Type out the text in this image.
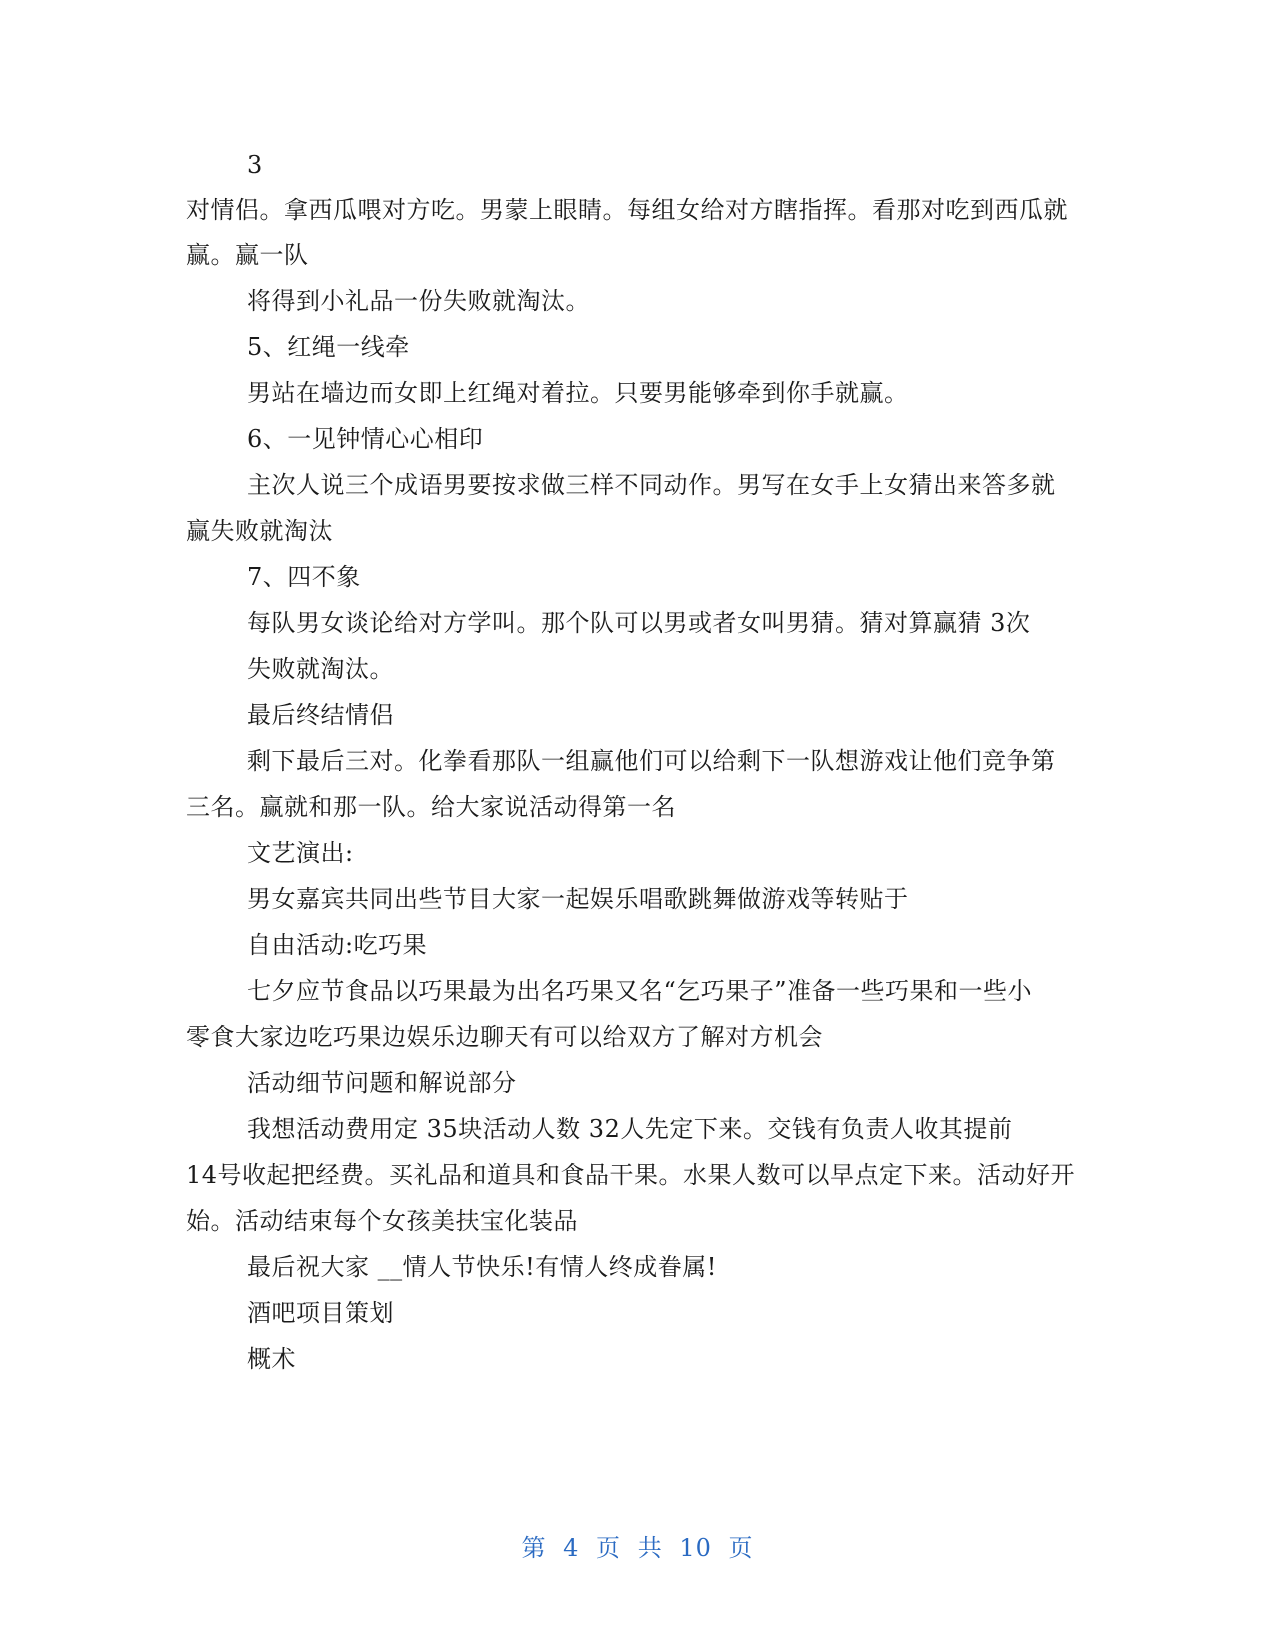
3
对情侣。拿西瓜喂对方吃。男蒙上眼睛。每组女给对方瞎指挥。看那对吃到西瓜就
赢。赢一队
将得到小礼品一份失败就淘汰。
5、红绳一线牵
男站在墙边而女即上红绳对着拉。只要男能够牵到你手就赢。
6、一见钟情心心相印
主次人说三个成语男要按求做三样不同动作。男写在女手上女猜出来答多就
赢失败就淘汰
7、四不象
每队男女谈论给对方学叫。那个队可以男或者女叫男猜。猜对算赢猜 3次
失败就淘汰。
最后终结情侣
剩下最后三对。化拳看那队一组赢他们可以给剩下一队想游戏让他们竞争第
三名。赢就和那一队。给大家说活动得第一名
文艺演出:
男女嘉宾共同出些节目大家一起娱乐唱歌跳舞做游戏等转贴于
自由活动:吃巧果
七夕应节食品以巧果最为出名巧果又名“乞巧果子”准备一些巧果和一些小
零食大家边吃巧果边娱乐边聊天有可以给双方了解对方机会
活动细节问题和解说部分
我想活动费用定 35块活动人数 32人先定下来。交钱有负责人收其提前
14号收起把经费。买礼品和道具和食品干果。水果人数可以早点定下来。活动好开
始。活动结束每个女孩美扶宝化装品
最后祝大家 __情人节快乐!有情人终成眷属!
酒吧项目策划
概术
第 4 页 共 10 页
